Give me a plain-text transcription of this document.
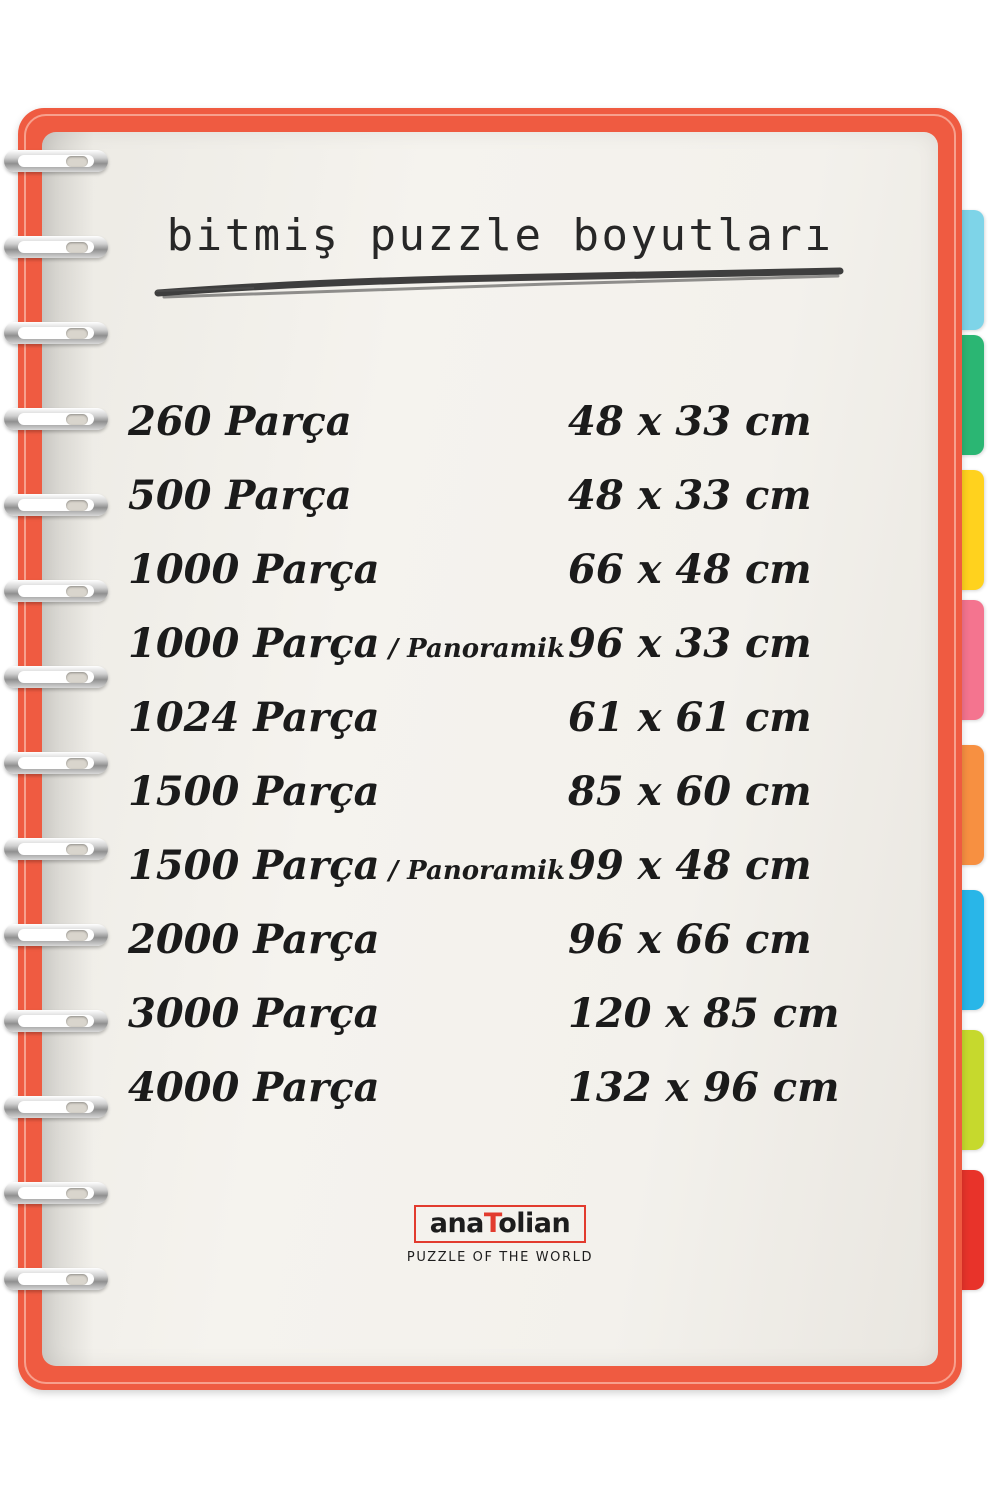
bitmiş puzzle boyutları
260 Parça	48 x 33 cm
500 Parça	48 x 33 cm
1000 Parça	66 x 48 cm
1000 Parça / Panoramik 96 x 33 cm
1024 Parça	61 x 61 cm
1500 Parça	85 x 60 cm
1500 Parça / Panoramik 99 x 48 cm
2000 Parça	96 x 66 cm
3000 Parça	120 x 85 cm
4000 Parça	132 x 96 cm
anaTolian
PUZZLE OF THE WORLD
